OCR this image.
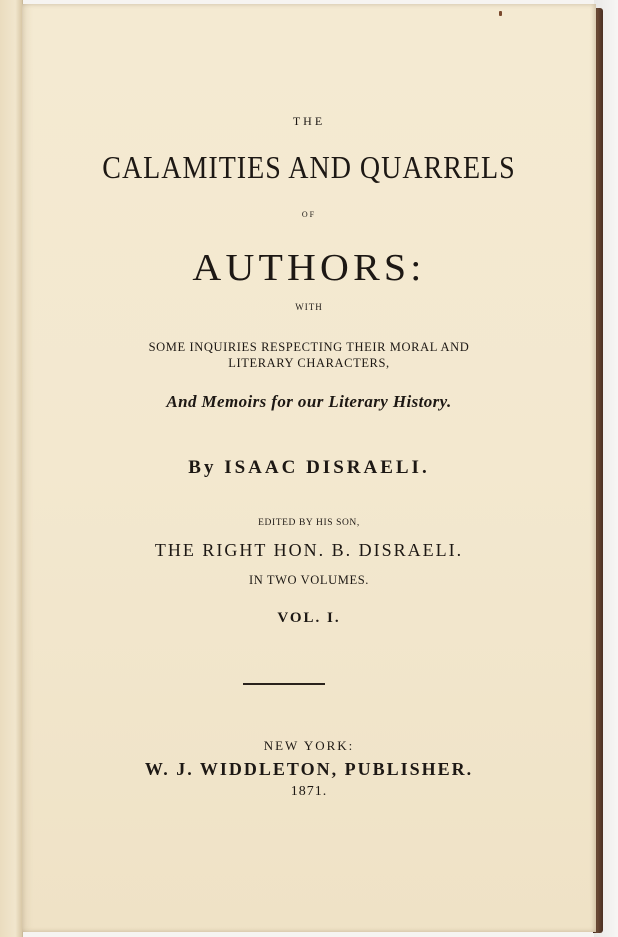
THE

CALAMITIES AND QUARRELS

OF

AUTHORS:

WITH

SOME INQUIRIES RESPECTING THEIR MORAL AND

LITERARY CHARACTERS,

And Memoirs for our Literary History.

By ISAAC DISRAELI.

EDITED BY HIS SON,

THE RIGHT HON. B. DISRAELI.

IN TWO VOLUMES.

VOL. I.

NEW YORK:

W. J. WIDDLETON, PUBLISHER.

1871.
